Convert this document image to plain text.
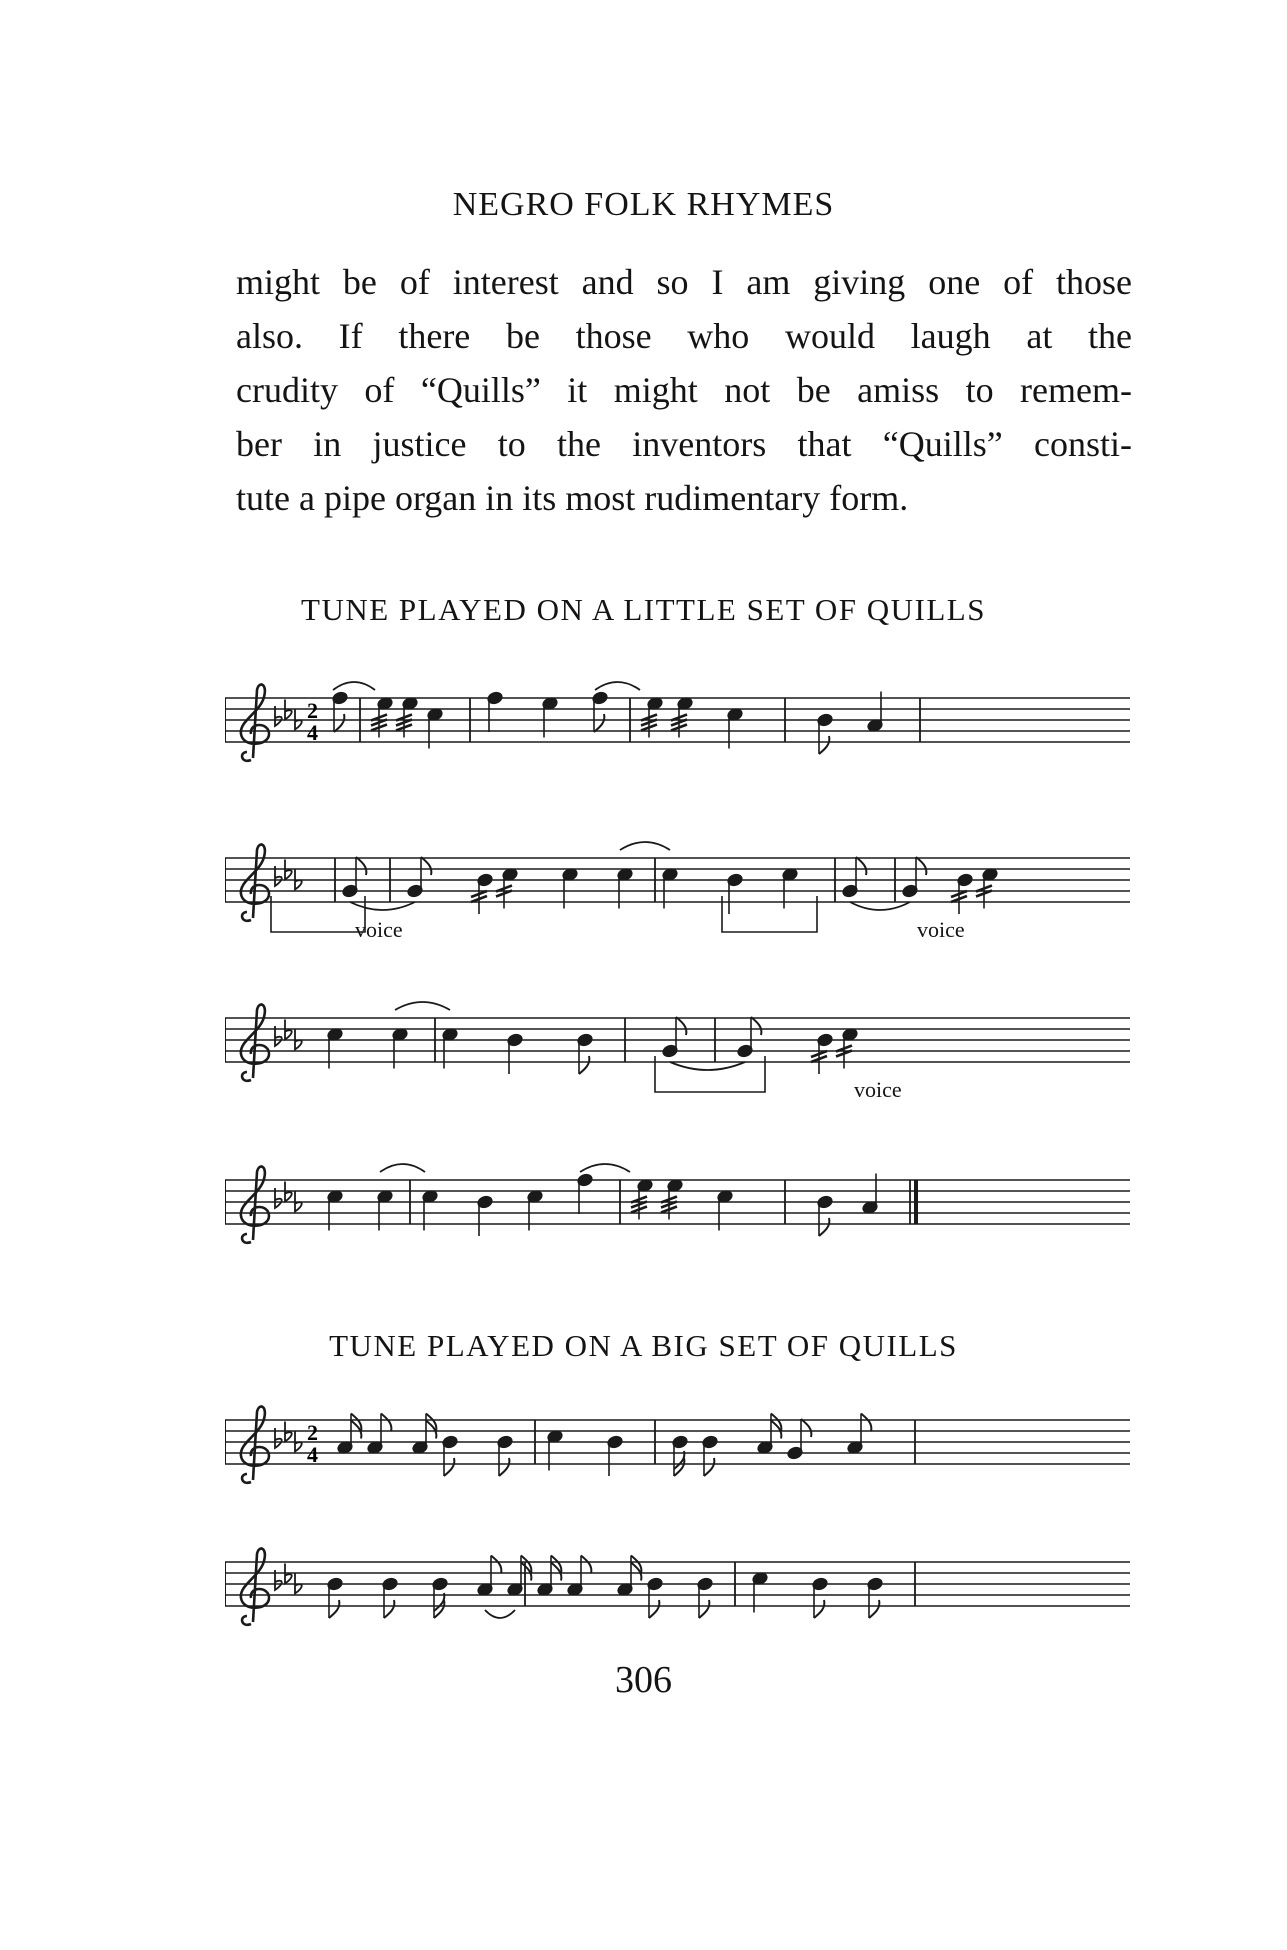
NEGRO FOLK RHYMES
might be of interest and so I am giving one of those
also. If there be those who would laugh at the
crudity of “Quills” it might not be amiss to remem-
ber in justice to the inventors that “Quills” consti-
tute a pipe organ in its most rudimentary form.
TUNE PLAYED ON A LITTLE SET OF QUILLS
2
4
voice	voice
voice
TUNE PLAYED ON A BIG SET OF QUILLS
2
4
306
